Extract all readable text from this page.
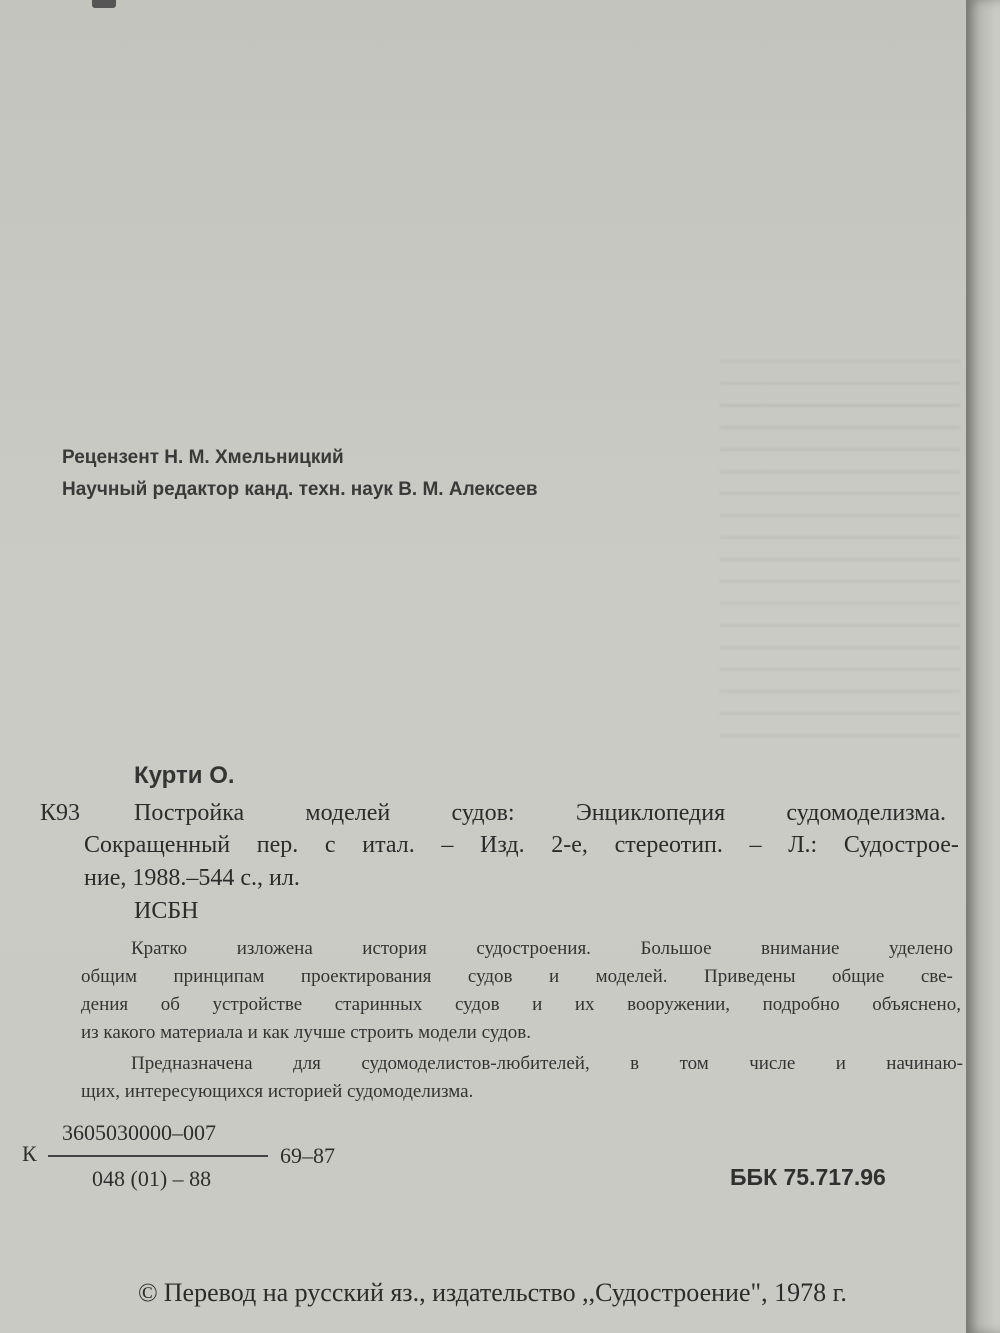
Рецензент Н. М. Хмельницкий
Научный редактор канд. техн. наук В. М. Алексеев
Курти О.
К93 Постройка	моделей	судов:	Энциклопедия	судомоделизма.
Сокращенный пер. с итал. – Изд. 2-е, стереотип. – Л.: Судострое-
ние, 1988.–544 с., ил.
ИСБН
Кратко	изложена	история	судостроения.	Большое	внимание	уделено
общим принципам проектирования судов и моделей. Приведены общие све-
дения об устройстве старинных судов и их вооружении, подробно объяснено,
из какого материала и как лучше строить модели судов.
Предназначена для судомоделистов-любителей, в том числе и начинаю-
щих, интересующихся историей судомоделизма.
К
3605030000–007
048 (01) – 88
69–87
ББК 75.717.96
© Перевод на русский яз., издательство ,,Судостроение", 1978 г.
